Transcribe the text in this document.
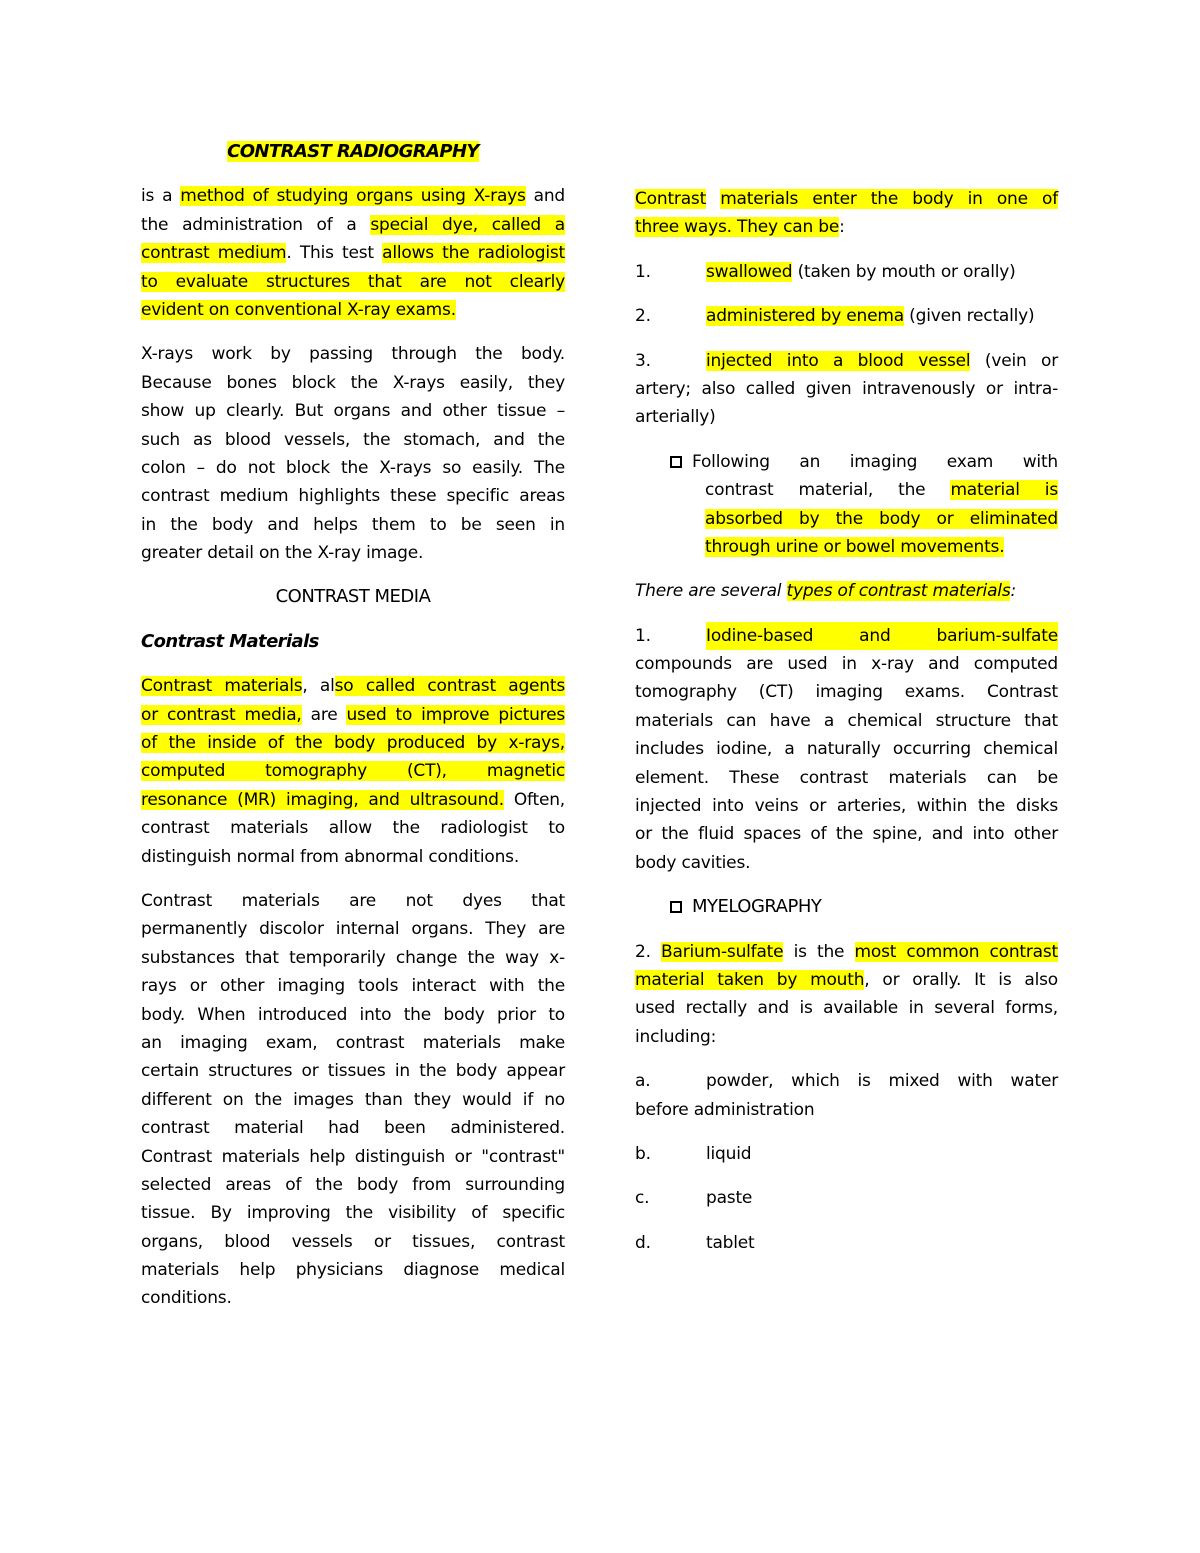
CONTRAST RADIOGRAPHY
is a method of studying organs using X-rays and
the administration of a special dye, called a
contrast medium. This test allows the radiologist
to evaluate structures that are not clearly
evident on conventional X-ray exams.
X-rays work by passing through the body.
Because bones block the X-rays easily, they
show up clearly. But organs and other tissue –
such as blood vessels, the stomach, and the
colon – do not block the X-rays so easily. The
contrast medium highlights these specific areas
in the body and helps them to be seen in
greater detail on the X-ray image.
CONTRAST MEDIA
Contrast Materials
Contrast materials, also called contrast agents
or contrast media, are used to improve pictures
of the inside of the body produced by x-rays,
computed tomography (CT), magnetic
resonance (MR) imaging, and ultrasound. Often,
contrast materials allow the radiologist to
distinguish normal from abnormal conditions.
Contrast materials are not dyes that
permanently discolor internal organs. They are
substances that temporarily change the way x-
rays or other imaging tools interact with the
body. When introduced into the body prior to
an imaging exam, contrast materials make
certain structures or tissues in the body appear
different on the images than they would if no
contrast material had been administered.
Contrast materials help distinguish or "contrast"
selected areas of the body from surrounding
tissue. By improving the visibility of specific
organs, blood vessels or tissues, contrast
materials help physicians diagnose medical
conditions.
Contrast materials enter the body in one of
three ways. They can be:
1.	swallowed (taken by mouth or orally)
2.	administered by enema (given rectally)
3.	injected into a blood vessel (vein or
artery; also called given intravenously or intra-
arterially)
Following an imaging exam with
contrast material, the material is
absorbed by the body or eliminated
through urine or bowel movements.
There are several types of contrast materials:
1.	Iodine-based and barium-sulfate
compounds are used in x-ray and computed
tomography (CT) imaging exams. Contrast
materials can have a chemical structure that
includes iodine, a naturally occurring chemical
element. These contrast materials can be
injected into veins or arteries, within the disks
or the fluid spaces of the spine, and into other
body cavities.
MYELOGRAPHY
2. Barium-sulfate is the most common contrast
material taken by mouth, or orally. It is also
used rectally and is available in several forms,
including:
a.	powder, which is mixed with water
before administration
b.	liquid
c.	paste
d.	tablet
